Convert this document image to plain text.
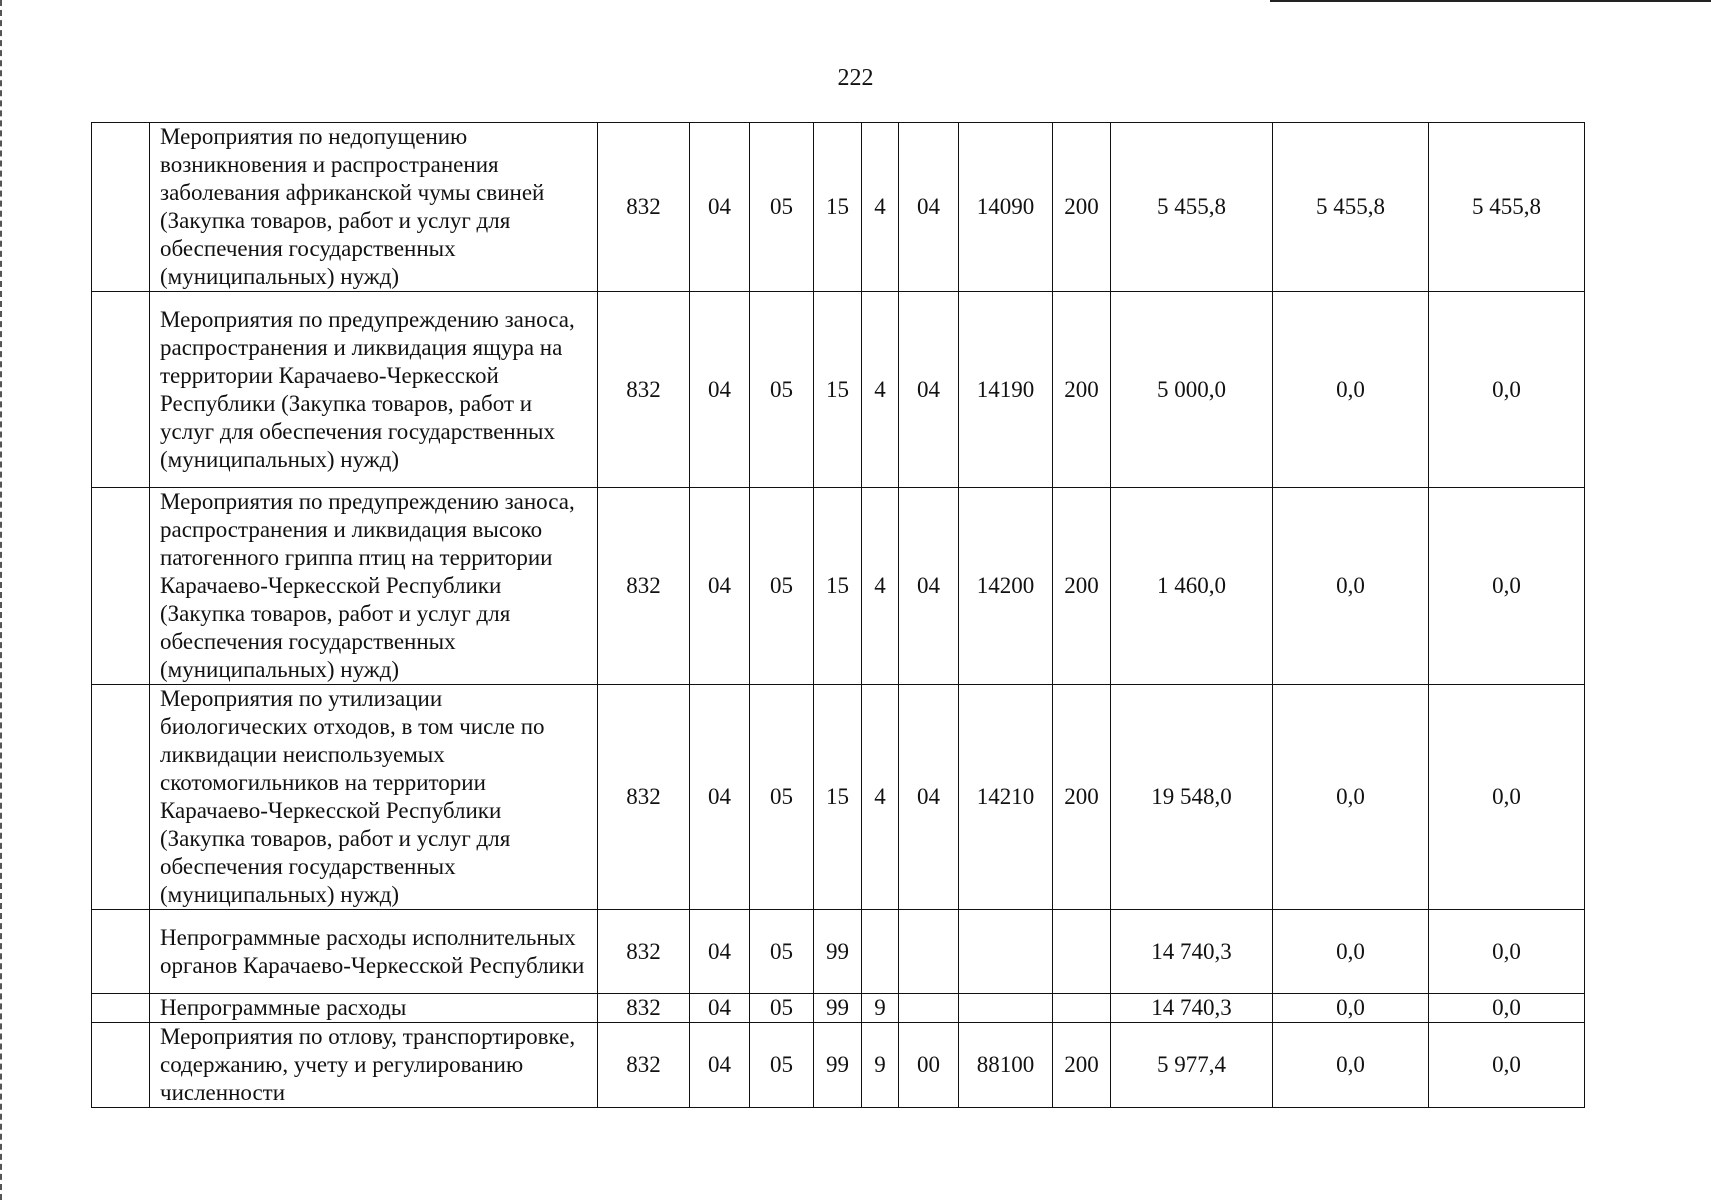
222
	Мероприятия по недопущению возникновения и распространения заболевания африканской чумы свиней (Закупка товаров, работ и услуг для обеспечения государственных (муниципальных) нужд)	832	04	05	15	4	04	14090	200	5 455,8	5 455,8	5 455,8
	Мероприятия по предупреждению заноса, распространения и ликвидация ящура на территории Карачаево-Черкесской Республики (Закупка товаров, работ и услуг для обеспечения государственных (муниципальных) нужд)	832	04	05	15	4	04	14190	200	5 000,0	0,0	0,0
	Мероприятия по предупреждению заноса, распространения и ликвидация высоко патогенного гриппа птиц на территории Карачаево-Черкесской Республики (Закупка товаров, работ и услуг для обеспечения государственных (муниципальных) нужд)	832	04	05	15	4	04	14200	200	1 460,0	0,0	0,0
	Мероприятия по утилизации биологических отходов, в том числе по ликвидации неиспользуемых скотомогильников на территории Карачаево-Черкесской Республики (Закупка товаров, работ и услуг для обеспечения государственных (муниципальных) нужд)	832	04	05	15	4	04	14210	200	19 548,0	0,0	0,0
	Непрограммные расходы исполнительных органов Карачаево-Черкесской Республики	832	04	05	99					14 740,3	0,0	0,0
	Непрограммные расходы	832	04	05	99	9				14 740,3	0,0	0,0
	Мероприятия по отлову, транспортировке, содержанию, учету и регулированию численности	832	04	05	99	9	00	88100	200	5 977,4	0,0	0,0
